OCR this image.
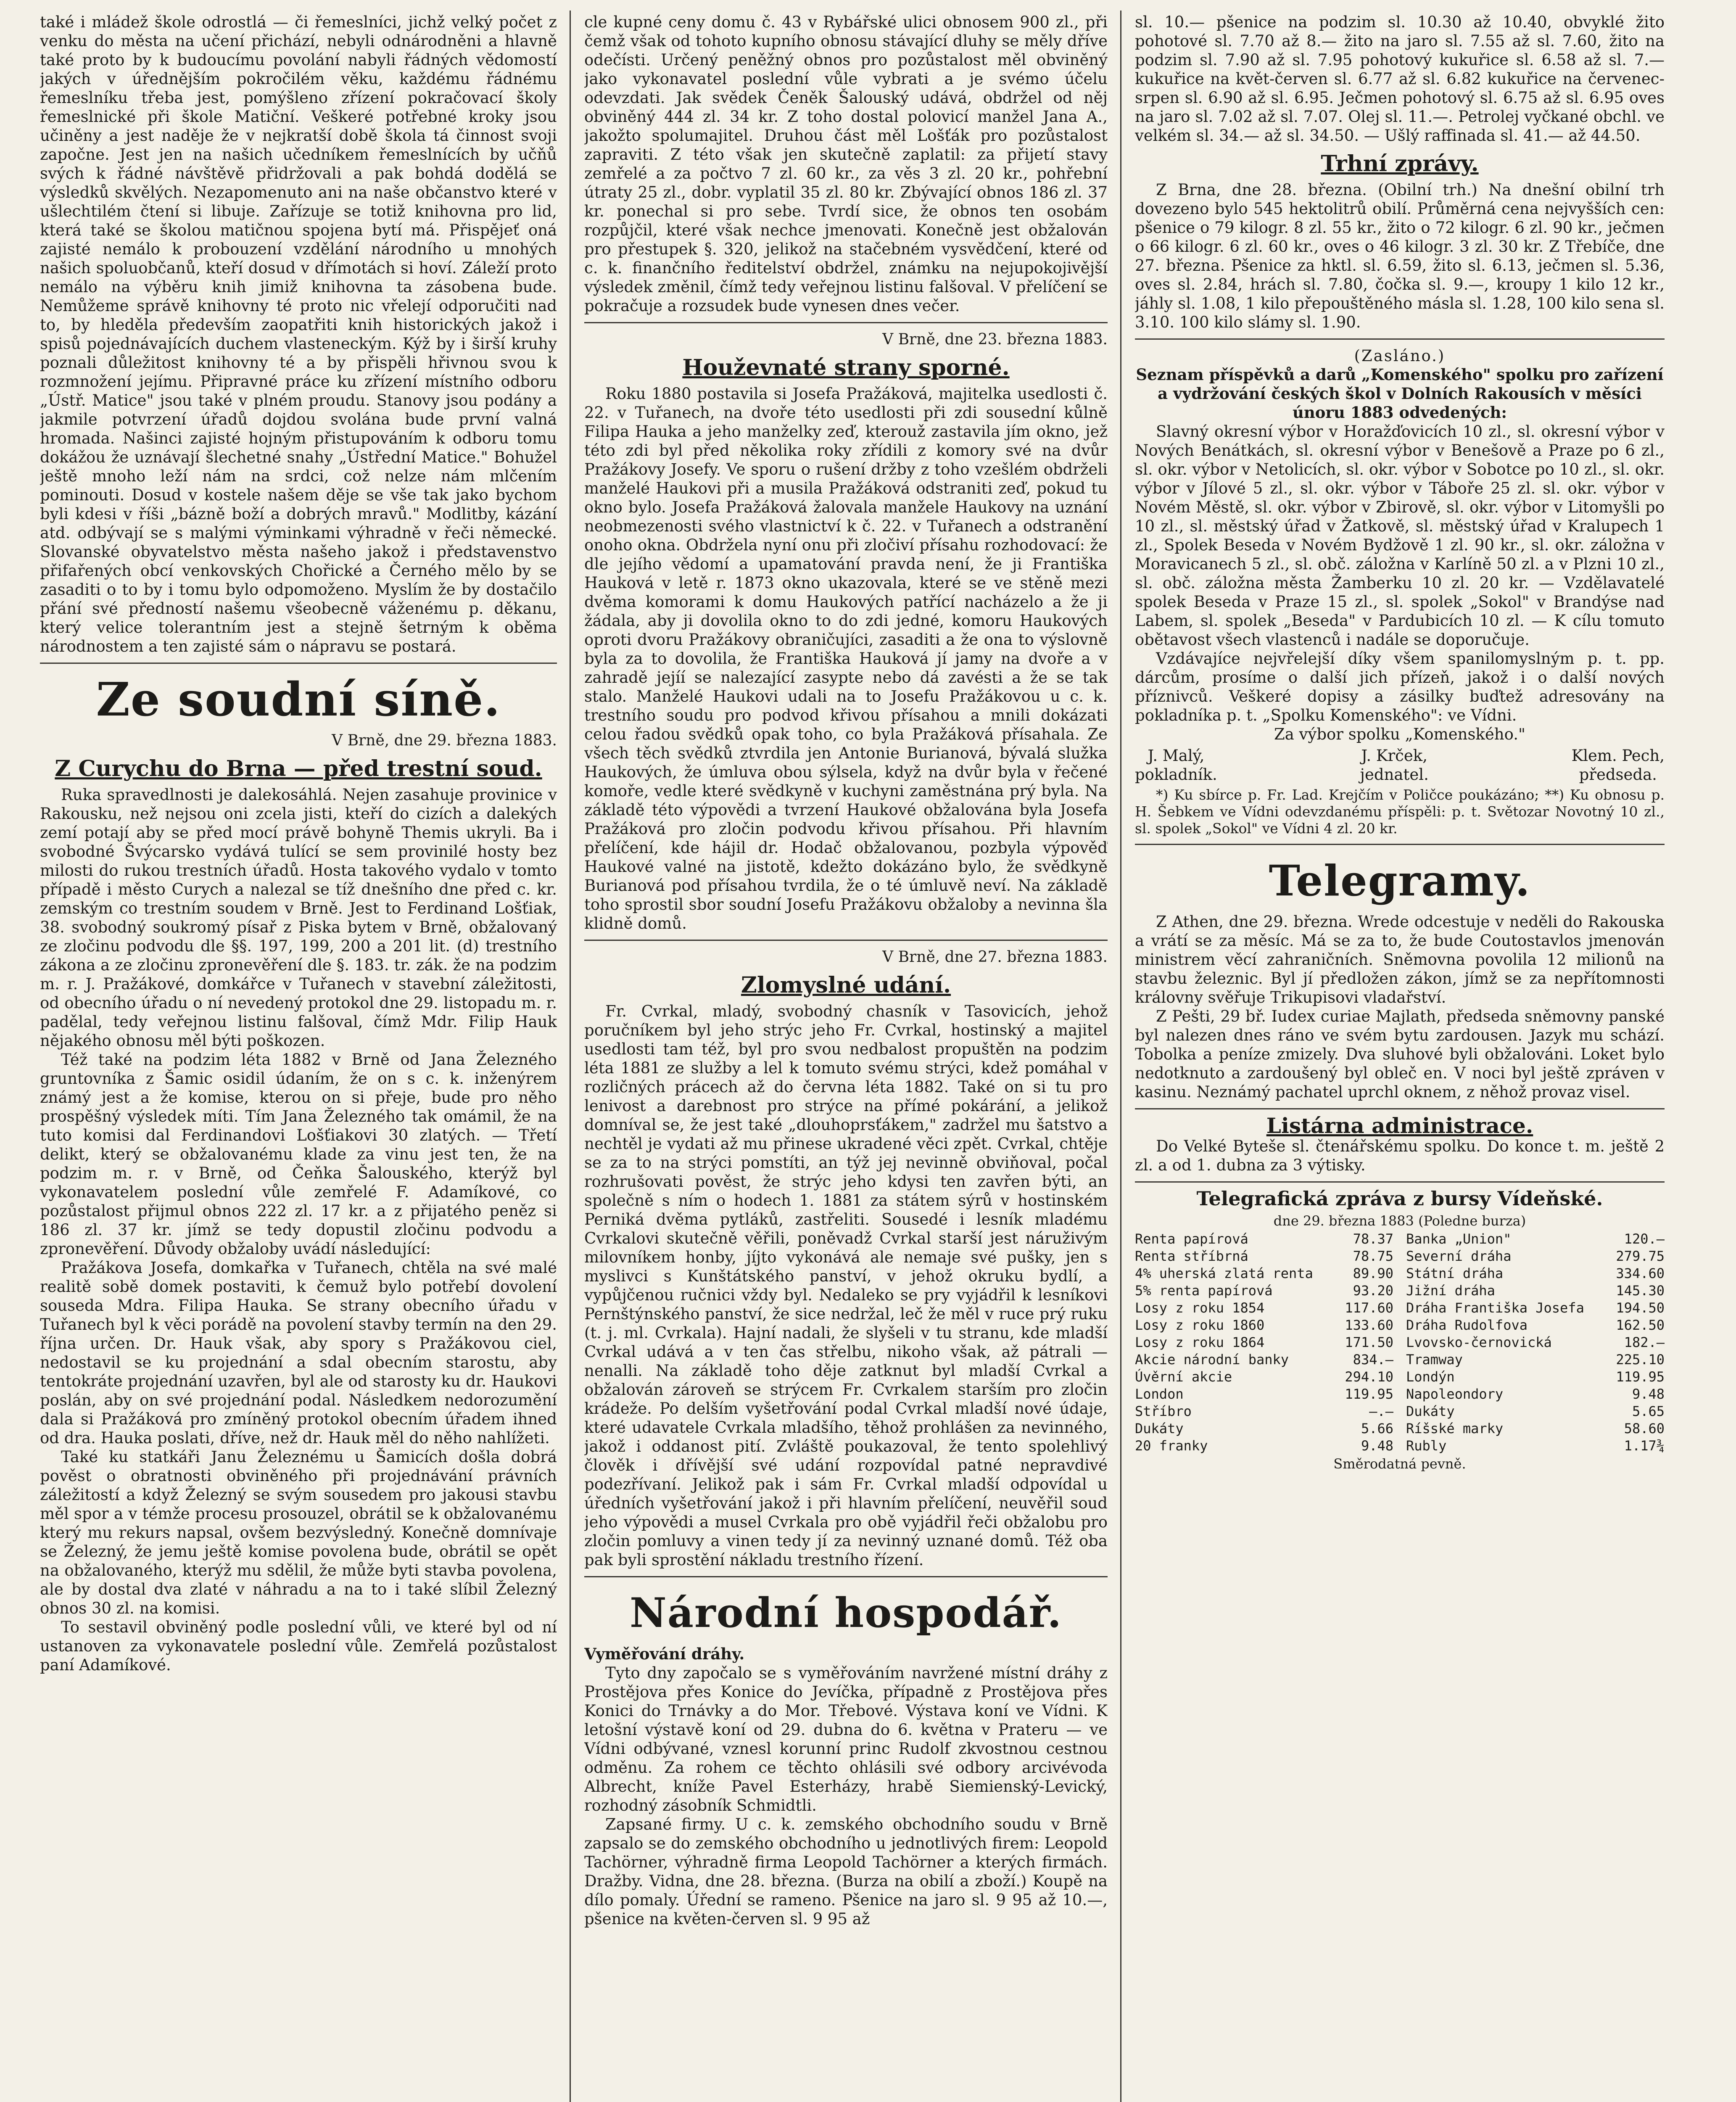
také i mládež škole odrostlá — či řemeslníci, jichž velký počet z venku do města na učení přichází, nebyli odnárodněni a hlavně také proto by k budoucímu povolání nabyli řádných vědomostí jakých v úřednějším pokročilém věku, každému řádnému řemeslníku třeba jest, pomýšleno zřízení pokračovací školy řemeslnické při škole Matiční. Veškeré potřebné kroky jsou učiněny a jest naděje že v nejkratší době škola tá činnost svoji započne. Jest jen na našich učedníkem řemeslnících by učňů svých k řádné návštěvě přidržovali a pak bohdá dodělá se výsledků skvělých. Nezapomenuto ani na naše občanstvo které v ušlechtilém čtení si libuje. Zařízuje se totiž knihovna pro lid, která také se školou matičnou spojena bytí má. Přispějeť oná zajisté nemálo k probouzení vzdělání národního u mnohých našich spoluobčanů, kteří dosud v dřímotách si hoví. Záleží proto nemálo na výběru knih jimiž knihovna ta zásobena bude. Nemůžeme správě knihovny té proto nic vřelejí odporučiti nad to, by hleděla především zaopatřiti knih historických jakož i spisů pojednávajících duchem vlasteneckým. Kýž by i širší kruhy poznali důležitost knihovny té a by přispěli hřivnou svou k rozmnožení jejímu. Připravné práce ku zřízení místního odboru „Ústř. Matice" jsou také v plném proudu. Stanovy jsou podány a jakmile potvrzení úřadů dojdou svolána bude první valná hromada. Našinci zajisté hojným přistupováním k odboru tomu dokážou že uznávají šlechetné snahy „Ústřední Matice." Bohužel ještě mnoho leží nám na srdci, což nelze nám mlčením pominouti. Dosud v kostele našem děje se vše tak jako bychom byli kdesi v říši „bázně boží a dobrých mravů." Modlitby, kázání atd. odbývají se s malými výminkami výhradně v řeči německé. Slovanské obyvatelstvo města našeho jakož i představenstvo přifařených obcí venkovských Chořické a Černého mělo by se zasaditi o to by i tomu bylo odpomoženo. Myslím že by dostačilo přání své předností našemu všeobecně váženému p. děkanu, který velice tolerantním jest a stejně šetrným k oběma národnostem a ten zajisté sám o nápravu se postará.

Ze soudní síně.

V Brně, dne 29. března 1883.

Z Curychu do Brna — před trestní soud.

Ruka spravedlnosti je dalekosáhlá. Nejen zasahuje provinice v Rakousku, než nejsou oni zcela jisti, kteří do cizích a dalekých zemí potají aby se před mocí právě bohyně Themis ukryli. Ba i svobodné Švýcarsko vydává tulící se sem provinilé hosty bez milosti do rukou trestních úřadů. Hosta takového vydalo v tomto případě i město Curych a nalezal se tíž dnešního dne před c. kr. zemským co trestním soudem v Brně. Jest to Ferdinand Lošťiak, 38. svobodný soukromý písař z Piska bytem v Brně, obžalovaný ze zločinu podvodu dle §§. 197, 199, 200 a 201 lit. (d) trestního zákona a ze zločinu zpronevěření dle §. 183. tr. zák. že na podzim m. r. J. Pražákové, domkářce v Tuřanech v stavební záležitosti, od obecního úřadu o ní nevedený protokol dne 29. listopadu m. r. padělal, tedy veřejnou listinu falšoval, čímž Mdr. Filip Hauk nějakého obnosu měl býti poškozen.

Též také na podzim léta 1882 v Brně od Jana Železného gruntovníka z Šamic osidil údaním, že on s c. k. inženýrem známý jest a že komise, kterou on si přeje, bude pro něho prospěšný výsledek míti. Tím Jana Železného tak omámil, že na tuto komisi dal Ferdinandovi Lošťiakovi 30 zlatých. — Třetí delikt, který se obžalovanému klade za vinu jest ten, že na podzim m. r. v Brně, od Čeňka Šalouského, kterýž byl vykonavatelem poslední vůle zemřelé F. Adamíkové, co pozůstalost přijmul obnos 222 zl. 17 kr. a z přijatého peněz si 186 zl. 37 kr. jímž se tedy dopustil zločinu podvodu a zpronevěření. Důvody obžaloby uvádí následující:

Pražákova Josefa, domkařka v Tuřanech, chtěla na své malé realitě sobě domek postaviti, k čemuž bylo potřebí dovolení souseda Mdra. Filipa Hauka. Se strany obecního úřadu v Tuřanech byl k věci porádě na povolení stavby termín na den 29. října určen. Dr. Hauk však, aby spory s Pražákovou ciel, nedostavil se ku projednání a sdal obecním starostu, aby tentokráte projednání uzavřen, byl ale od starosty ku dr. Haukovi poslán, aby on své projednání podal. Následkem nedorozumění dala si Pražáková pro zmíněný protokol obecním úřadem ihned od dra. Hauka poslati, dříve, než dr. Hauk měl do něho nahlížeti.

Také ku statkáři Janu Železnému u Šamicích došla dobrá pověst o obratnosti obviněného při projednávání právních záležitostí a když Železný se svým sousedem pro jakousi stavbu měl spor a v témže procesu prosouzel, obrátil se k obžalovanému který mu rekurs napsal, ovšem bezvýsledný. Konečně domnívaje se Železný, že jemu ještě komise povolena bude, obrátil se opět na obžalovaného, kterýž mu sdělil, že může byti stavba povolena, ale by dostal dva zlaté v náhradu a na to i také slíbil Železný obnos 30 zl. na komisi.

To sestavil obviněný podle poslední vůli, ve které byl od ní ustanoven za vykonavatele poslední vůle. Zemřelá pozůstalost paní Adamíkové.

cle kupné ceny domu č. 43 v Rybářské ulici obnosem 900 zl., při čemž však od tohoto kupního obnosu stávající dluhy se měly dříve odečísti. Určený peněžný obnos pro pozůstalost měl obviněný jako vykonavatel poslední vůle vybrati a je svémo účelu odevzdati. Jak svědek Čeněk Šalouský udává, obdržel od něj obviněný 444 zl. 34 kr. Z toho dostal polovicí manžel Jana A., jakožto spolumajitel. Druhou část měl Lošťák pro pozůstalost zapraviti. Z této však jen skutečně zaplatil: za přijetí stavy zemřelé a za počtvo 7 zl. 60 kr., za věs 3 zl. 20 kr., pohřební útraty 25 zl., dobr. vyplatil 35 zl. 80 kr. Zbývající obnos 186 zl. 37 kr. ponechal si pro sebe. Tvrdí sice, že obnos ten osobám rozpůjčil, které však nechce jmenovati. Konečně jest obžalován pro přestupek §. 320, jelikož na stačebném vysvědčení, které od c. k. finančního ředitelství obdržel, známku na nejupokojivější výsledek změnil, čímž tedy veřejnou listinu falšoval. V přelíčení se pokračuje a rozsudek bude vynesen dnes večer.

V Brně, dne 23. března 1883.

Houževnaté strany sporné.

Roku 1880 postavila si Josefa Pražáková, majitelka usedlosti č. 22. v Tuřanech, na dvoře této usedlosti při zdi sousední kůlně Filipa Hauka a jeho manželky zeď, kterouž zastavila jím okno, jež této zdi byl před několika roky zřídili z komory své na dvůr Pražákovy Josefy. Ve sporu o rušení držby z toho vzešlém obdrželi manželé Haukovi při a musila Pražáková odstraniti zeď, pokud tu okno bylo. Josefa Pražáková žalovala manžele Haukovy na uznání neobmezenosti svého vlastnictví k č. 22. v Tuřanech a odstranění onoho okna. Obdržela nyní onu při zločiví přísahu rozhodovací: že dle jejího vědomí a upamatování pravda není, že ji Františka Hauková v letě r. 1873 okno ukazovala, které se ve stěně mezi dvěma komorami k domu Haukových patřící nacházelo a že ji žádala, aby ji dovolila okno to do zdi jedné, komoru Haukových oproti dvoru Pražákovy obraničujíci, zasaditi a že ona to výslovně byla za to dovolila, že Františka Hauková jí jamy na dvoře a v zahradě jejíí se nalezající zasypte nebo dá zavésti a že se tak stalo. Manželé Haukovi udali na to Josefu Pražákovou u c. k. trestního soudu pro podvod křivou přísahou a mnili dokázati celou řadou svědků opak toho, co byla Pražáková přísahala. Ze všech těch svědků ztvrdila jen Antonie Burianová, bývalá služka Haukových, že úmluva obou sýlsela, když na dvůr byla v řečené komoře, vedle které svědkyně v kuchyni zaměstnána prý byla. Na základě této výpovědi a tvrzení Haukové obžalována byla Josefa Pražáková pro zločin podvodu křivou přísahou. Při hlavním přelíčení, kde hájil dr. Hodač obžalovanou, pozbyla výpověď Haukové valné na jistotě, kdežto dokázáno bylo, že svědkyně Burianová pod přísahou tvrdila, že o té úmluvě neví. Na základě toho sprostil sbor soudní Josefu Pražákovu obžaloby a nevinna šla klidně domů.

V Brně, dne 27. března 1883.

Zlomyslné udání.

Fr. Cvrkal, mladý, svobodný chasník v Tasovicích, jehož poručníkem byl jeho strýc jeho Fr. Cvrkal, hostinský a majitel usedlosti tam též, byl pro svou nedbalost propuštěn na podzim léta 1881 ze služby a lel k tomuto svému strýci, kdež pomáhal v rozličných prácech až do června léta 1882. Také on si tu pro lenivost a darebnost pro strýce na přímé pokárání, a jelikož domníval se, že jest také „dlouhoprsťákem," zadržel mu šatstvo a nechtěl je vydati až mu přinese ukradené věci zpět. Cvrkal, chtěje se za to na strýci pomstíti, an týž jej nevinně obviňoval, počal rozhrušovati pověst, že strýc jeho kdysi ten zavřen býti, an společně s ním o hodech 1. 1881 za státem sýrů v hostinském Perniká dvěma pytláků, zastřeliti. Sousedé i lesník mladému Cvrkalovi skutečně věřili, poněvadž Cvrkal starší jest náruživým milovníkem honby, jíjto vykonává ale nemaje své pušky, jen s myslivci s Kunštátského panství, v jehož okruku bydlí, a vypůjčenou ručnici vždy byl. Nedaleko se pry vyjádřil k lesníkovi Pernštýnského panství, že sice nedržal, leč že měl v ruce prý ruku (t. j. ml. Cvrkala). Hajní nadali, že slyšeli v tu stranu, kde mladší Cvrkal udává a v ten čas střelbu, nikoho však, až pátrali — nenalli. Na základě toho děje zatknut byl mladší Cvrkal a obžalován zároveň se strýcem Fr. Cvrkalem starším pro zločin krádeže. Po delším vyšetřování podal Cvrkal mladší nové údaje, které udavatele Cvrkala mladšího, těhož prohlášen za nevinného, jakož i oddanost pití. Zvláště poukazoval, že tento spolehlivý člověk i dřívější své udání rozpovídal patné nepravdivé podezřívaní. Jelikož pak i sám Fr. Cvrkal mladší odpovídal u úředních vyšetřování jakož i při hlavním přelíčení, neuvěřil soud jeho výpovědi a musel Cvrkala pro obě vyjádřil řeči obžalobu pro zločin pomluvy a vinen tedy jí za nevinný uznané domů. Též oba pak byli sprostění nákladu trestního řízení.

Národní hospodář.

Vyměřování dráhy.

Tyto dny započalo se s vyměřováním navržené místní dráhy z Prostějova přes Konice do Jevíčka, případně z Prostějova přes Konici do Trnávky a do Mor. Třebové. Výstava koní ve Vídni. K letošní výstavě koní od 29. dubna do 6. května v Prateru — ve Vídni odbývané, vznesl korunní princ Rudolf zkvostnou cestnou odměnu. Za rohem ce těchto ohlásili své odbory arcivévoda Albrecht, kníže Pavel Esterházy, hrabě Siemienský-Levický, rozhodný zásobník Schmidtli.

Zapsané firmy. U c. k. zemského obchodního soudu v Brně zapsalo se do zemského obchodního u jednotlivých firem: Leopold Tachörner, výhradně firma Leopold Tachörner a kterých firmách. Dražby. Vidna, dne 28. března. (Burza na obilí a zboží.) Koupě na dílo pomaly. Úřední se rameno. Pšenice na jaro sl. 9 95 až 10.—, pšenice na květen-červen sl. 9 95 až

sl. 10.— pšenice na podzim sl. 10.30 až 10.40, obvyklé žito pohotové sl. 7.70 až 8.— žito na jaro sl. 7.55 až sl. 7.60, žito na podzim sl. 7.90 až sl. 7.95 pohotový kukuřice sl. 6.58 až sl. 7.— kukuřice na květ-červen sl. 6.77 až sl. 6.82 kukuřice na červenec-srpen sl. 6.90 až sl. 6.95. Ječmen pohotový sl. 6.75 až sl. 6.95 oves na jaro sl. 7.02 až sl. 7.07. Olej sl. 11.—. Petrolej vyčkané obchl. ve velkém sl. 34.— až sl. 34.50. — Ušlý raffinada sl. 41.— až 44.50.

Trhní zprávy.

Z Brna, dne 28. března. (Obilní trh.) Na dnešní obilní trh dovezeno bylo 545 hektolitrů obilí. Průměrná cena nejvyšších cen: pšenice o 79 kilogr. 8 zl. 55 kr., žito o 72 kilogr. 6 zl. 90 kr., ječmen o 66 kilogr. 6 zl. 60 kr., oves o 46 kilogr. 3 zl. 30 kr. Z Třebíče, dne 27. března. Pšenice za hktl. sl. 6.59, žito sl. 6.13, ječmen sl. 5.36, oves sl. 2.84, hrách sl. 7.80, čočka sl. 9.—, kroupy 1 kilo 12 kr., jáhly sl. 1.08, 1 kilo přepouštěného másla sl. 1.28, 100 kilo sena sl. 3.10. 100 kilo slámy sl. 1.90.

(Zasláno.)

Seznam příspěvků a darů „Komenského" spolku pro zařízení a vydržování českých škol v Dolních Rakousích v měsíci únoru 1883 odvedených:

Slavný okresní výbor v Horažďovicích 10 zl., sl. okresní výbor v Nových Benátkách, sl. okresní výbor v Benešově a Praze po 6 zl., sl. okr. výbor v Netolicích, sl. okr. výbor v Sobotce po 10 zl., sl. okr. výbor v Jílové 5 zl., sl. okr. výbor v Táboře 25 zl. sl. okr. výbor v Novém Městě, sl. okr. výbor v Zbirově, sl. okr. výbor v Litomyšli po 10 zl., sl. městský úřad v Žatkově, sl. městský úřad v Kralupech 1 zl., Spolek Beseda v Novém Bydžově 1 zl. 90 kr., sl. okr. záložna v Moravicanech 5 zl., sl. obč. záložna v Karlíně 50 zl. a v Plzni 10 zl., sl. obč. záložna města Žamberku 10 zl. 20 kr. — Vzdělavatelé spolek Beseda v Praze 15 zl., sl. spolek „Sokol" v Brandýse nad Labem, sl. spolek „Beseda" v Pardubicích 10 zl. — K cílu tomuto obětavost všech vlastenců i nadále se doporučuje.

Vzdávajíce nejvřelejší díky všem spanilomyslným p. t. pp. dárcům, prosíme o další jich přízeň, jakož i o další nových příznivců. Veškeré dopisy a zásilky buďtež adresovány na pokladníka p. t. „Spolku Komenského": ve Vídni.

Za výbor spolku „Komenského."

J. Malý,
pokladník.
J. Krček,
jednatel.
Klem. Pech,
předseda.

*) Ku sbírce p. Fr. Lad. Krejčím v Poličce poukázáno; **) Ku obnosu p. H. Šebkem ve Vídni odevzdanému příspěli: p. t. Světozar Novotný 10 zl., sl. spolek „Sokol" ve Vídni 4 zl. 20 kr.

Telegramy.

Z Athen, dne 29. března. Wrede odcestuje v neděli do Rakouska a vrátí se za měsíc. Má se za to, že bude Coutostavlos jmenován ministrem věcí zahraničních. Sněmovna povolila 12 milionů na stavbu železnic. Byl jí předložen zákon, jímž se za nepřítomnosti královny svěřuje Trikupisovi vladařství.

Z Pešti, 29 bř. Iudex curiae Majlath, předseda sněmovny panské byl nalezen dnes ráno ve svém bytu zardousen. Jazyk mu schází. Tobolka a peníze zmizely. Dva sluhové byli obžalováni. Loket bylo nedotknuto a zardoušený byl obleč en. V noci byl ještě zpráven v kasinu. Neznámý pachatel uprchl oknem, z něhož provaz visel.

Listárna administrace.

Do Velké Byteše sl. čtenářskému spolku. Do konce t. m. ještě 2 zl. a od 1. dubna za 3 výtisky.

Telegrafická zpráva z bursy Vídeňské.

dne 29. března 1883 (Poledne burza)

Renta papírová	78.37
Renta stříbrná	78.75
4% uherská zlatá renta	89.90
5% renta papírová	93.20
Losy z roku 1854	117.60
Losy z roku 1860	133.60
Losy z roku 1864	171.50
Akcie národní banky	834.—
Úvěrní akcie	294.10
London	119.95
Stříbro	—.—
Dukáty	5.66
20 franky	9.48
Banka „Union"	120.—
Severní dráha	279.75
Státní dráha	334.60
Jižní dráha	145.30
Dráha Františka Josefa 194.50
Dráha Rudolfova	162.50
Lvovsko-černovická	182.—
Tramway	225.10
Londýn	119.95
Napoleondory	9.48
Dukáty	5.65
Ríšské marky	58.60
Rubly	1.17¾

Směrodatná pevně.
